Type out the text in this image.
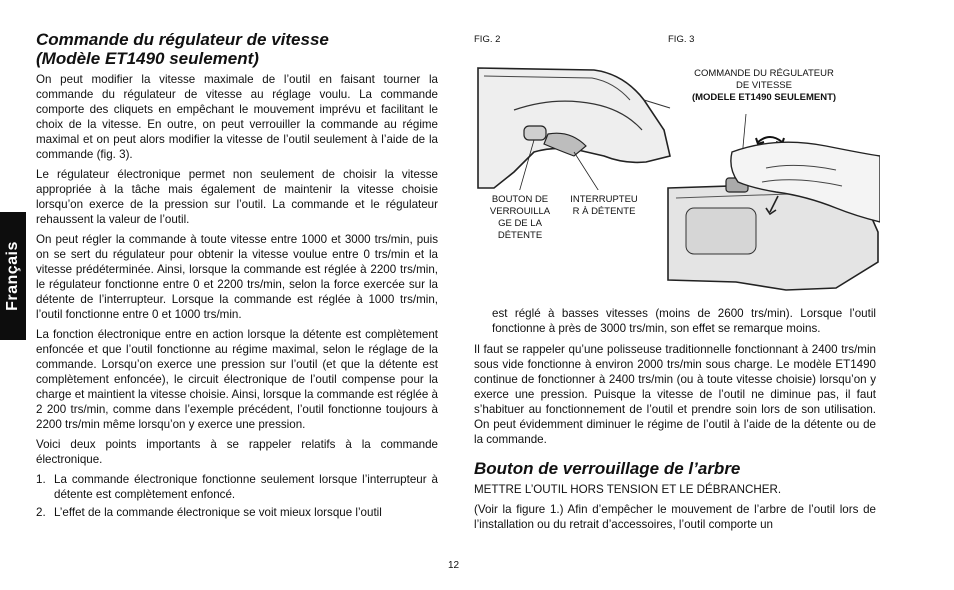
Français
Commande du régulateur de vitesse
(Modèle ET1490 seulement)

On peut modifier la vitesse maximale de l’outil en faisant tourner la commande du régulateur de vitesse au réglage voulu. La commande comporte des cliquets en empêchant le mouvement imprévu et facilitant le choix de la vitesse. En outre, on peut verrouiller la commande au régime maximal et on peut alors modifier la vitesse de l’outil seulement à l’aide de la commande (fig. 3).

Le régulateur électronique permet non seulement de choisir la vitesse appropriée à la tâche mais également de maintenir la vitesse choisie lorsqu’on exerce de la pression sur l’outil. La commande et le régulateur rehaussent la valeur de l’outil.

On peut régler la commande à toute vitesse entre 1000 et 3000 trs/min, puis on se sert du régulateur pour obtenir la vitesse voulue entre 0 trs/min et la vitesse prédéterminée. Ainsi, lorsque la commande est réglée à 2200 trs/min, le régulateur fonctionne entre 0 et 2200 trs/min, selon la force exercée sur la détente de l’interrupteur. Lorsque la commande est réglée à 1000 trs/min, l’outil fonctionne entre 0 et 1000 trs/min.

La fonction électronique entre en action lorsque la détente est complètement enfoncée et que l’outil fonctionne au régime maximal, selon le réglage de la commande. Lorsqu’on exerce une pression sur l’outil (et que la détente est complètement enfoncée), le circuit électronique de l’outil compense pour la charge et maintient la vitesse choisie. Ainsi, lorsque la commande est réglée à 2 200 trs/min, comme dans l’exemple précédent, l’outil fonctionne toujours à 2200 trs/min même lorsqu’on y exerce une pression.

Voici deux points importants à se rappeler relatifs à la commande électronique.

1. La commande électronique fonctionne seulement lorsque l’interrupteur à détente est complètement enfoncé.
2. L’effet de la commande électronique se voit mieux lorsque l’outil
FIG. 2	FIG. 3
BOUTON DE
VERROUILLA
GE DE LA
DÉTENTE
INTERRUPTEU
R À DÉTENTE
COMMANDE DU RÉGULATEUR
DE VITESSE
(MODELE ET1490 SEULEMENT)
est réglé à basses vitesses (moins de 2600 trs/min). Lorsque l’outil fonctionne à près de 3000 trs/min, son effet se remarque moins.

Il faut se rappeler qu’une polisseuse traditionnelle fonctionnant à 2400 trs/min sous vide fonctionne à environ 2000 trs/min sous charge. Le modèle ET1490 continue de fonctionner à 2400 trs/min (ou à toute vitesse choisie) lorsqu’on y exerce une pression. Puisque la vitesse de l’outil ne diminue pas, il faut s’habituer au fonctionnement de l’outil et prendre soin lors de son utilisation. On peut évidemment diminuer le régime de l’outil à l’aide de la détente ou de la commande.

Bouton de verrouillage de l’arbre

METTRE L’OUTIL HORS TENSION ET LE DÉBRANCHER.

(Voir la figure 1.) Afin d’empêcher le mouvement de l’arbre de l’outil lors de l’installation ou du retrait d’accessoires, l’outil comporte un

12
